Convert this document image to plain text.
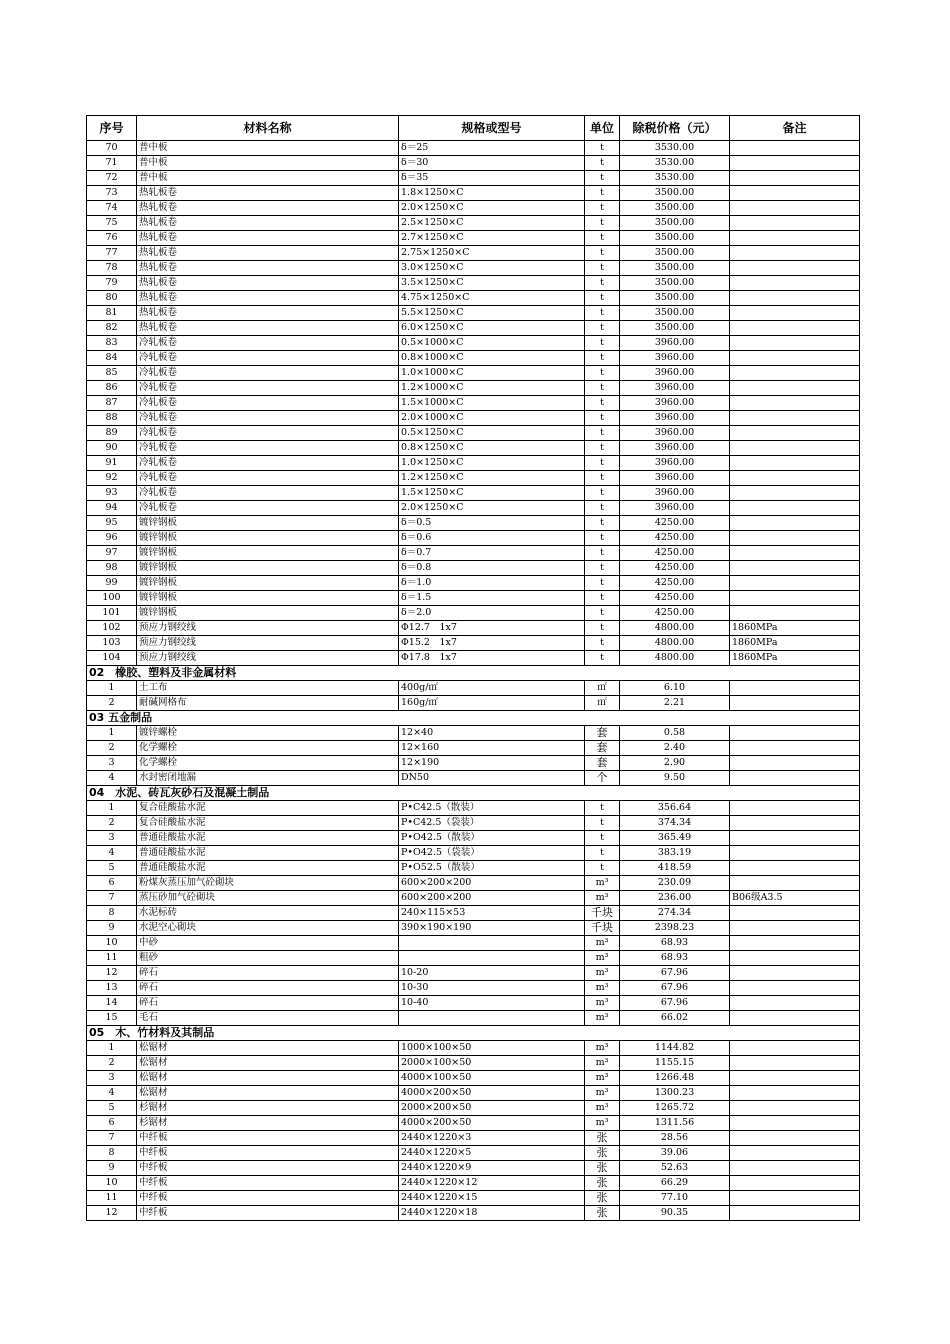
序号	材料名称	规格或型号	单位	除税价格（元）	备注
70	普中板	δ＝25	t	3530.00	
71	普中板	δ＝30	t	3530.00	
72	普中板	δ＝35	t	3530.00	
73	热轧板卷	1.8×1250×C	t	3500.00	
74	热轧板卷	2.0×1250×C	t	3500.00	
75	热轧板卷	2.5×1250×C	t	3500.00	
76	热轧板卷	2.7×1250×C	t	3500.00	
77	热轧板卷	2.75×1250×C	t	3500.00	
78	热轧板卷	3.0×1250×C	t	3500.00	
79	热轧板卷	3.5×1250×C	t	3500.00	
80	热轧板卷	4.75×1250×C	t	3500.00	
81	热轧板卷	5.5×1250×C	t	3500.00	
82	热轧板卷	6.0×1250×C	t	3500.00	
83	冷轧板卷	0.5×1000×C	t	3960.00	
84	冷轧板卷	0.8×1000×C	t	3960.00	
85	冷轧板卷	1.0×1000×C	t	3960.00	
86	冷轧板卷	1.2×1000×C	t	3960.00	
87	冷轧板卷	1.5×1000×C	t	3960.00	
88	冷轧板卷	2.0×1000×C	t	3960.00	
89	冷轧板卷	0.5×1250×C	t	3960.00	
90	冷轧板卷	0.8×1250×C	t	3960.00	
91	冷轧板卷	1.0×1250×C	t	3960.00	
92	冷轧板卷	1.2×1250×C	t	3960.00	
93	冷轧板卷	1.5×1250×C	t	3960.00	
94	冷轧板卷	2.0×1250×C	t	3960.00	
95	镀锌钢板	δ＝0.5	t	4250.00	
96	镀锌钢板	δ＝0.6	t	4250.00	
97	镀锌钢板	δ＝0.7	t	4250.00	
98	镀锌钢板	δ＝0.8	t	4250.00	
99	镀锌钢板	δ＝1.0	t	4250.00	
100	镀锌钢板	δ＝1.5	t	4250.00	
101	镀锌钢板	δ＝2.0	t	4250.00	
102	预应力钢绞线	Φ12.7　1x7	t	4800.00	1860MPa
103	预应力钢绞线	Φ15.2　1x7	t	4800.00	1860MPa
104	预应力钢绞线	Φ17.8　1x7	t	4800.00	1860MPa
02　橡胶、塑料及非金属材料					
1	土工布	400g/㎡	㎡	6.10	
2	耐碱网格布	160g/㎡	㎡	2.21	
03 五金制品					
1	镀锌螺栓	12×40	套	0.58	
2	化学螺栓	12×160	套	2.40	
3	化学螺栓	12×190	套	2.90	
4	水封密闭地漏	DN50	个	9.50	
04　水泥、砖瓦灰砂石及混凝土制品					
1	复合硅酸盐水泥	P•C42.5（散装）	t	356.64	
2	复合硅酸盐水泥	P•C42.5（袋装）	t	374.34	
3	普通硅酸盐水泥	P•O42.5（散装）	t	365.49	
4	普通硅酸盐水泥	P•O42.5（袋装）	t	383.19	
5	普通硅酸盐水泥	P•O52.5（散装）	t	418.59	
6	粉煤灰蒸压加气砼砌块	600×200×200	m³	230.09	
7	蒸压砂加气砼砌块	600×200×200	m³	236.00	B06级A3.5
8	水泥标砖	240×115×53	千块	274.34	
9	水泥空心砌块	390×190×190	千块	2398.23	
10	中砂		m³	68.93	
11	粗砂		m³	68.93	
12	碎石	10-20	m³	67.96	
13	碎石	10-30	m³	67.96	
14	碎石	10-40	m³	67.96	
15	毛石		m³	66.02	
05　木、竹材料及其制品					
1	松锯材	1000×100×50	m³	1144.82	
2	松锯材	2000×100×50	m³	1155.15	
3	松锯材	4000×100×50	m³	1266.48	
4	松锯材	4000×200×50	m³	1300.23	
5	杉锯材	2000×200×50	m³	1265.72	
6	杉锯材	4000×200×50	m³	1311.56	
7	中纤板	2440×1220×3	张	28.56	
8	中纤板	2440×1220×5	张	39.06	
9	中纤板	2440×1220×9	张	52.63	
10	中纤板	2440×1220×12	张	66.29	
11	中纤板	2440×1220×15	张	77.10	
12	中纤板	2440×1220×18	张	90.35	
